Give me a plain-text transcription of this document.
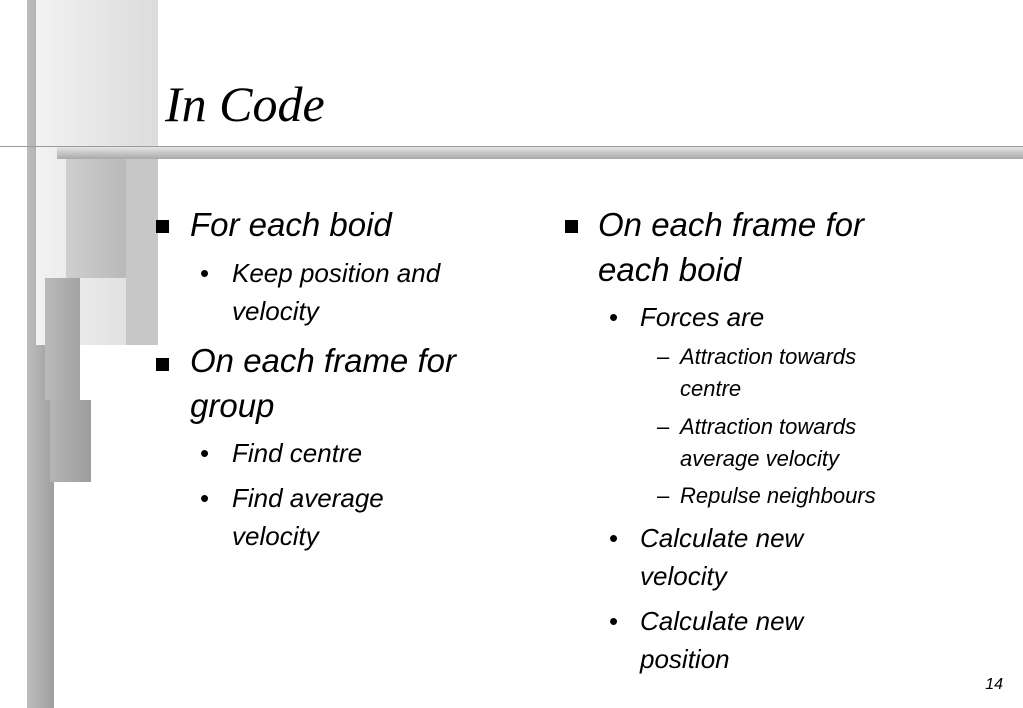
In Code
For each boid
• Keep position and
velocity
On each frame for
group
• Find centre
• Find average
velocity
On each frame for
each boid
• Forces are
– Attraction towards
centre
– Attraction towards
average velocity
– Repulse neighbours
• Calculate new
velocity
• Calculate new
position
14
